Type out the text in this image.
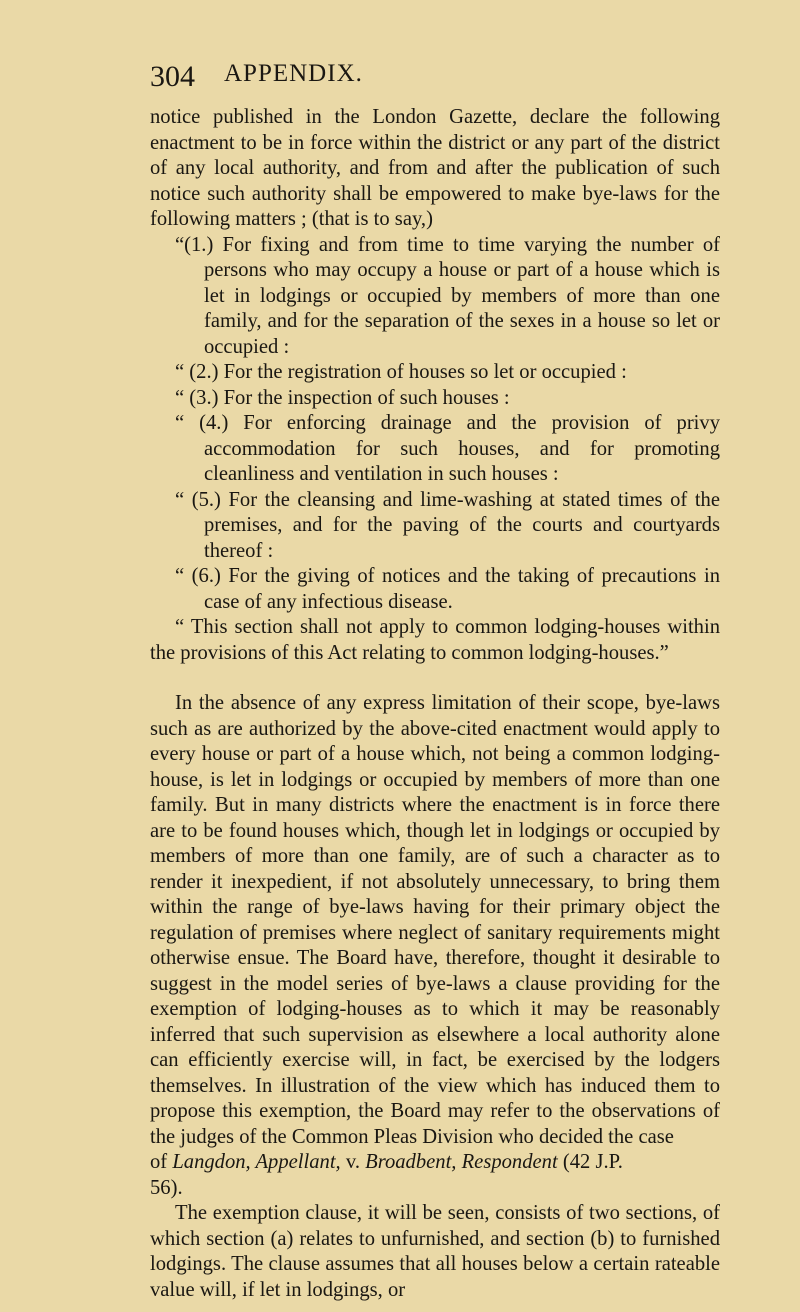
304 APPENDIX.

notice published in the London Gazette, declare the following enactment to be in force within the district or any part of the district of any local authority, and from and after the publication of such notice such authority shall be empowered to make bye-laws for the following matters ; (that is to say,)

“(1.) For fixing and from time to time varying the number of persons who may occupy a house or part of a house which is let in lodgings or occupied by members of more than one family, and for the separation of the sexes in a house so let or occupied :

“ (2.) For the registration of houses so let or occupied :

“ (3.) For the inspection of such houses :

“ (4.) For enforcing drainage and the provision of privy accommodation for such houses, and for promoting cleanliness and ventilation in such houses :

“ (5.) For the cleansing and lime-washing at stated times of the premises, and for the paving of the courts and courtyards thereof :

“ (6.) For the giving of notices and the taking of precautions in case of any infectious disease.

“ This section shall not apply to common lodging-houses within the provisions of this Act relating to common lodging-houses.”

In the absence of any express limitation of their scope, bye-laws such as are authorized by the above-cited enactment would apply to every house or part of a house which, not being a common lodging-house, is let in lodgings or occupied by members of more than one family. But in many districts where the enactment is in force there are to be found houses which, though let in lodgings or occupied by members of more than one family, are of such a character as to render it inexpedient, if not absolutely unnecessary, to bring them within the range of bye-laws having for their primary object the regulation of premises where neglect of sanitary requirements might otherwise ensue. The Board have, therefore, thought it desirable to suggest in the model series of bye-laws a clause providing for the exemption of lodging-houses as to which it may be reasonably inferred that such supervision as elsewhere a local authority alone can efficiently exercise will, in fact, be exercised by the lodgers themselves. In illustration of the view which has induced them to propose this exemption, the Board may refer to the observations of the judges of the Common Pleas Division who decided the case

of Langdon, Appellant, v. Broadbent, Respondent (42 J.P.

56).

The exemption clause, it will be seen, consists of two sections, of which section (a) relates to unfurnished, and section (b) to furnished lodgings. The clause assumes that all houses below a certain rateable value will, if let in lodgings, or
